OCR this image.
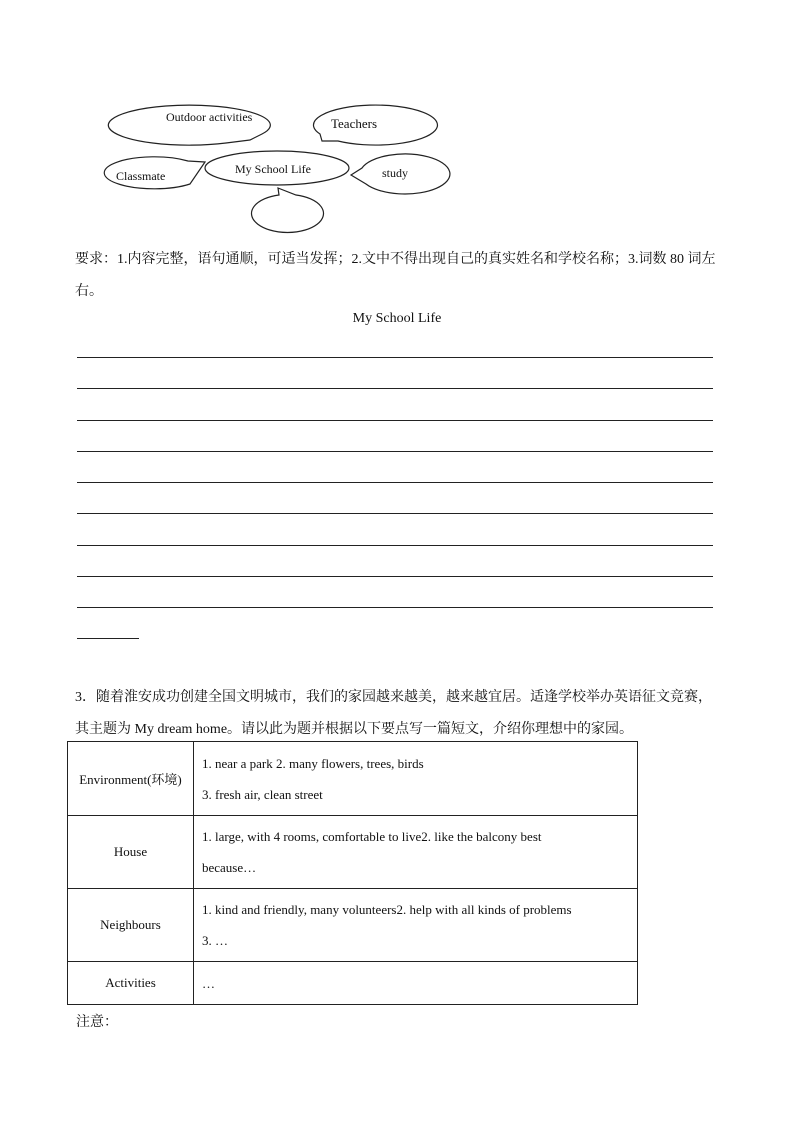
Outdoor activities	Teachers
Classmate	study
My School Life
要求：1.内容完整，语句通顺，可适当发挥；2.文中不得出现自己的真实姓名和学校名称；3.词数 80 词左右。
My School Life
3．随着淮安成功创建全国文明城市，我们的家园越来越美，越来越宜居。适逢学校举办英语征文竞赛，其主题为 My dream home。请以此为题并根据以下要点写一篇短文，介绍你理想中的家园。
Environment(环境)	1. near a park 2. many flowers, trees, birds
3. fresh air, clean street

House	1. large, with 4 rooms, comfortable to live2. like the balcony best
because…

Neighbours	1. kind and friendly, many volunteers2. help with all kinds of problems
3. …

Activities	…
注意：
